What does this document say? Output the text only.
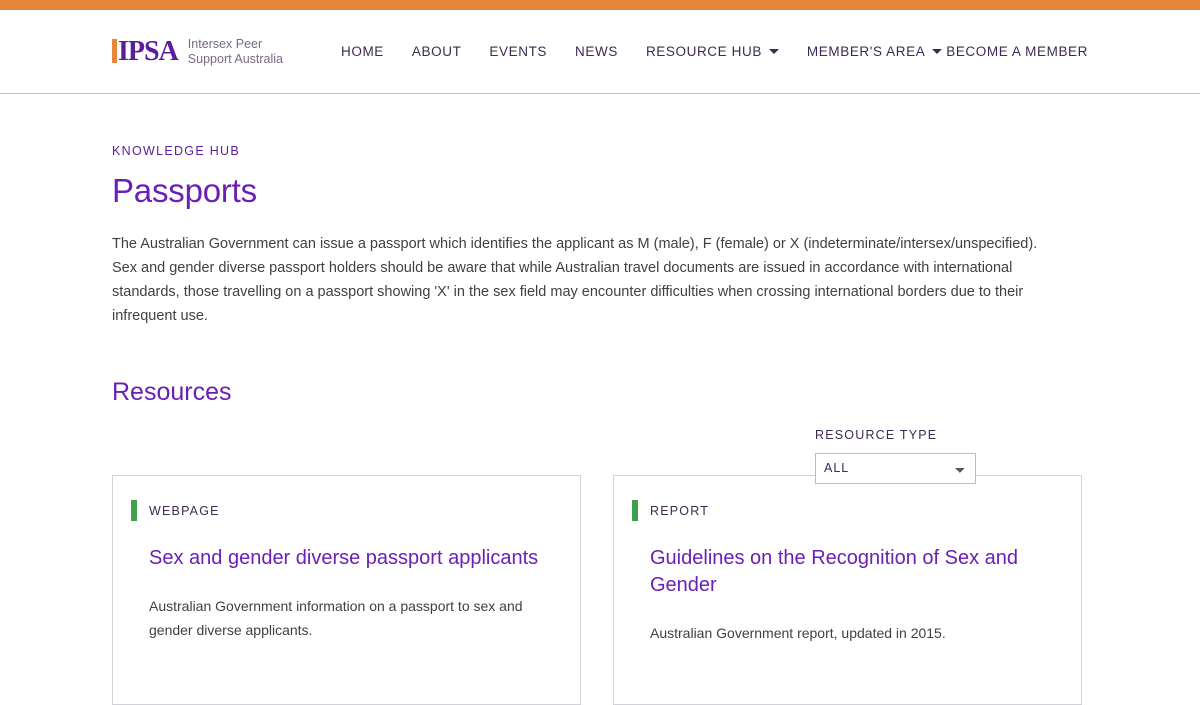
IPSA Intersex Peer
Support Australia	HOME ABOUT EVENTS NEWS RESOURCE HUB	MEMBER'S AREA BECOME A MEMBER
KNOWLEDGE HUB
Passports

The Australian Government can issue a passport which identifies the applicant as M (male), F (female) or X (indeterminate/intersex/unspecified). Sex and gender diverse passport holders should be aware that while Australian travel documents are issued in accordance with international standards, those travelling on a passport showing 'X' in the sex field may encounter difficulties when crossing international borders due to their infrequent use.

Resources
RESOURCE TYPE
ALL
WEBPAGE
Sex and gender diverse passport applicants
Australian Government information on a passport to sex and gender diverse applicants.
REPORT
Guidelines on the Recognition of Sex and Gender
Australian Government report, updated in 2015.
